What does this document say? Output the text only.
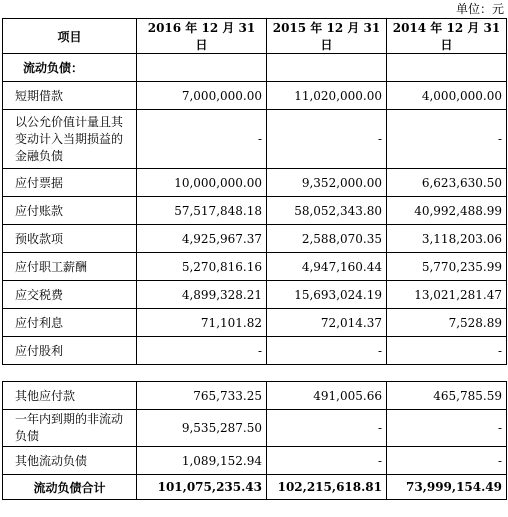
单位：元
项目	2016 年 12 月 31 日	2015 年 12 月 31 日	2014 年 12 月 31 日
流动负债：			
短期借款	7,000,000.00	11,020,000.00	4,000,000.00
以公允价值计量且其变动计入当期损益的金融负债	-	-	-
应付票据	10,000,000.00	9,352,000.00	6,623,630.50
应付账款	57,517,848.18	58,052,343.80	40,992,488.99
预收款项	4,925,967.37	2,588,070.35	3,118,203.06
应付职工薪酬	5,270,816.16	4,947,160.44	5,770,235.99
应交税费	4,899,328.21	15,693,024.19	13,021,281.47
应付利息	71,101.82	72,014.37	7,528.89
应付股利	-	-	-

其他应付款	765,733.25	491,005.66	465,785.59
一年内到期的非流动负债	9,535,287.50	-	-
其他流动负债	1,089,152.94	-	-
流动负债合计	101,075,235.43	102,215,618.81	73,999,154.49
